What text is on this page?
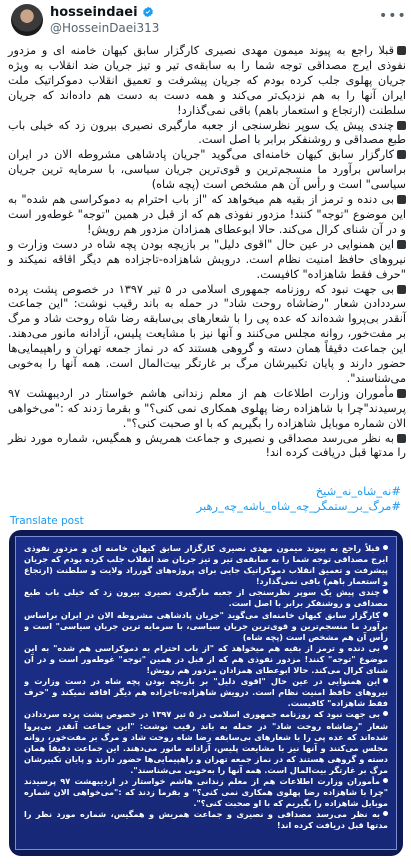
hosseindaei
@HosseinDaei313
•••

قبلا راجع به پیوند میمون مهدی نصیری کارگزار سابق کیهان خامنه ای و مزدور نفوذی ایرج مصداقی توجه شما را به سابقه‌ی تیر و تیز جریان ضد انقلاب به ویژه جریان پهلوی جلب کرده بودم که جریان پیشرفت و تعمیق انقلاب دموکراتیک ملت ایران آنها را به هم نزدیک‌تر می‌کند و همه دست به دست هم داده‌اند که جریان سلطنت (ارتجاع و استعمار باهم) باقی نمی‌گذارد!

چندی پیش یک سوپر نظرسنجی از جعبه مارگیری نصیری بیرون زد که خیلی باب طبع مصداقی و روشنفکر برابر با اصل است.

کارگزار سابق کیهان خامنه‌ای می‌گوید "جریان پادشاهی مشروطه الان در ایران براساس برآورد ما منسجم‌ترین و قوی‌ترین جریان سیاسی، با سرمایه ترین جریان سیاسی" است و رأس آن هم مشخص است (پچه شاه)

بی دنده و ترمز از بقیه هم میخواهد که "از باب احترام به دموکراسی هم شده" به این موضوع "توجه" کنند! مزدور نفوذی هم که از قبل در همین "توجه" غوطه‌ور است و در آن شنای کرال می‌کند. حالا ابوعطای همزادان مزدور هم رویش!

این همنوایی در عین حال "اقوی دلیل" بر بازیچه بودن پچه شاه در دست وزارت و نیروهای حافظ امنیت نظام است. درویش شاهزاده-تاجزاده هم دیگر اقاقه نمیکند و "حرف فقط شاهزاده" کافیست.

بی جهت نبود که روزنامه جمهوری اسلامی در ۵ تیر ۱۳۹۷ در خصوص پشت پرده سرددادن شعار "رضاشاه روحت شاد" در حمله به باند رقیب نوشت: "این جماعت آنقدر بی‌پروا شده‌اند که عده پی را با شعارهای بی‌سابقه رضا شاه روحت شاد و مرگ بر مفت‌خور، روانه مجلس می‌کنند و آنها نیز با مشایعت پلیس، آزادانه مانور می‌دهند. این جماعت دقیقاً همان دسته و گروهی هستند که در نماز جمعه تهران و راهپیمایی‌ها حضور دارند و پایان تکبیرشان مرگ بر غارتگر بیت‌المال است. همه آنها را به‌خوبی می‌شناسند".

مأموران وزارت اطلاعات هم از معلم زندانی هاشم خواستار در اردیبهشت ۹۷ پرسیدند"چرا با شاهزاده رضا پهلوی همکاری نمی کنی؟" و بقرما زدند که :"می‌خواهی الان شماره موبایل شاهزاده را بگیریم که با او صحبت کنی؟".

به نظر می‌رسد مصداقی و نصیری و جماعت همریش و همگیس، شماره مورد نظر را مدتها قبل دریافت کرده اند!

#نه_شاه_نه_شیخ
#مرگ_بر_ستمگر_چه_شاه_باشه_چه_رهبر
Translate post

قبلاً راجع به پیوند میمون مهدی نصیری کارگزار سابق کیهان خامنه ای و مزدور نفوذی ایرج مصداقی توجه شما را به سابقه‌ی تیر و تیز جریان ضد انقلاب جلب کرده بودم که جریان پیشرفت و تعمیق انقلاب دموکراتیک جایی برای پروژه‌های گورزاد ولایت و سلطنت (ارتجاع و استعمار باهم) باقی نمی‌گذارد!

چندی پیش یک سوپر نظرسنجی از جعبه مارگیری نصیری بیرون زد که خیلی باب طبع مصداقی و روشنفکر برابر با اصل است.

کارگزار سابق کیهان خامنه‌ای می‌گوید "جریان پادشاهی مشروطه الان در ایران براساس برآورد ما منسجم‌ترین و قوی‌ترین جریان سیاسی، با سرمایه ترین جریان سیاسی" است و رأس آن هم مشخص است (پچه شاه)

بی دنده و ترمز از بقیه هم میخواهد که "از باب احترام به دموکراسی هم شده" به این موضوع "توجه" کنند! مزدور نفوذی هم که از قبل در همین "توجه" غوطه‌ور است و در آن شنای کرال می‌کند. حالا ابوعطای همزادان مزدور هم رویش!

این همنوایی در عین حال "اقوی دلیل" بر بازیچه بودن پچه شاه در دست وزارت و نیروهای حافظ امنیت نظام است. درویش شاهزاده-تاجزاده هم دیگر اقاقه نمیکند و "حرف فقط شاهزاده" کافیست.

بی جهت نبود که روزنامه جمهوری اسلامی در ۵ تیر ۱۳۹۷ در خصوص پشت پرده سرددادن شعار "رضاشاه روحت شاد" در حمله به باند رقیب نوشت: "این جماعت آنقدر بی‌پروا شده‌اند که عده پی را با شعارهای بی‌سابقه رضا شاه روحت شاد و مرگ بر مفت‌خور، روانه مجلس می‌کنند و آنها نیز با مشایعت پلیس، آزادانه مانور می‌دهند. این جماعت دقیقاً همان دسته و گروهی هستند که در نماز جمعه تهران و راهپیمایی‌ها حضور دارند و پایان تکبیرشان مرگ بر غارتگر بیت‌المال است. همه آنها را به‌خوبی می‌شناسند".

مأموران وزارت اطلاعات هم از معلم زندانی هاشم خواستار در اردیبهشت ۹۷ پرسیدند "چرا با شاهزاده رضا پهلوی همکاری نمی کنی؟" و بقرما زدند که :"می‌خواهی الان شماره موبایل شاهزاده را بگیریم که با او صحبت کنی؟".

به نظر می‌رسد مصداقی و نصیری و جماعت همریش و همگیس، شماره مورد نظر را مدتها قبل دریافت کرده اند!
